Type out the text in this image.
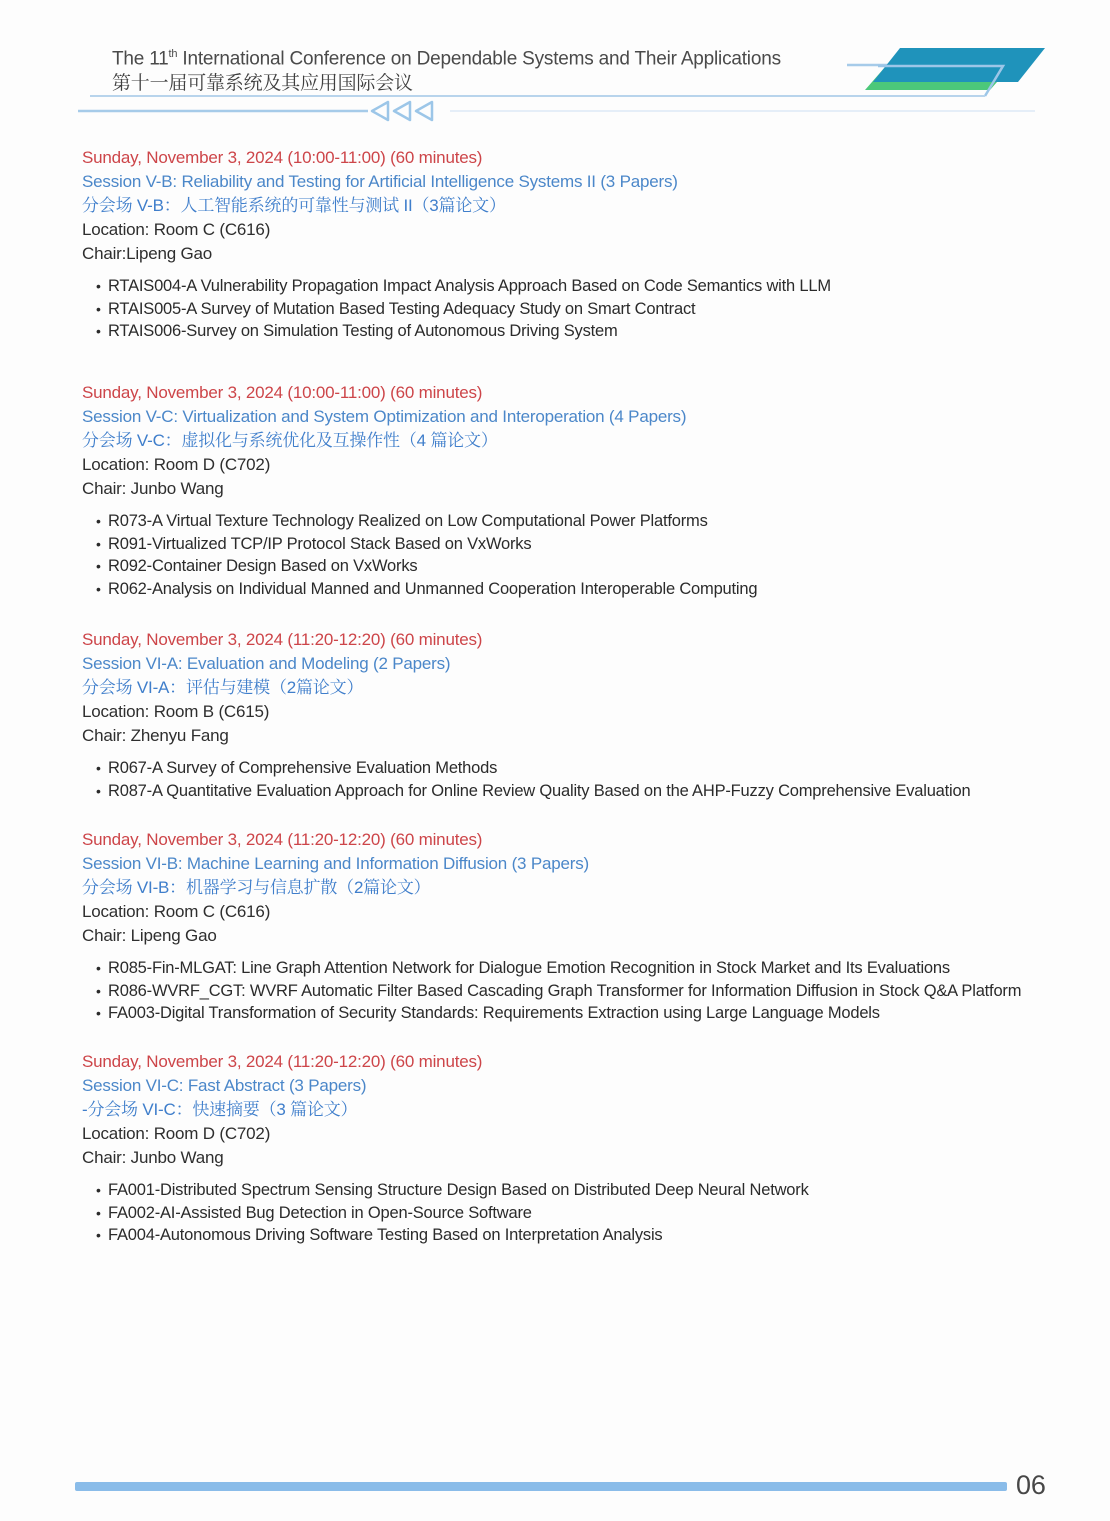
The 11th International Conference on Dependable Systems and Their Applications
第十一届可靠系统及其应用国际会议
Sunday, November 3, 2024 (10:00-11:00) (60 minutes)
Session V-B: Reliability and Testing for Artificial Intelligence Systems II (3 Papers)
分会场 V-B：人工智能系统的可靠性与测试 II（3篇论文）
Location: Room C (C616)
Chair:Lipeng Gao
• RTAIS004-A Vulnerability Propagation Impact Analysis Approach Based on Code Semantics with LLM
• RTAIS005-A Survey of Mutation Based Testing Adequacy Study on Smart Contract
• RTAIS006-Survey on Simulation Testing of Autonomous Driving System
Sunday, November 3, 2024 (10:00-11:00) (60 minutes)
Session V-C: Virtualization and System Optimization and Interoperation (4 Papers)
分会场 V-C：虚拟化与系统优化及互操作性（4 篇论文）
Location: Room D (C702)
Chair: Junbo Wang
• R073-A Virtual Texture Technology Realized on Low Computational Power Platforms
• R091-Virtualized TCP/IP Protocol Stack Based on VxWorks
• R092-Container Design Based on VxWorks
• R062-Analysis on Individual Manned and Unmanned Cooperation Interoperable Computing
Sunday, November 3, 2024 (11:20-12:20) (60 minutes)
Session VI-A: Evaluation and Modeling (2 Papers)
分会场 VI-A：评估与建模（2篇论文）
Location: Room B (C615)
Chair: Zhenyu Fang
• R067-A Survey of Comprehensive Evaluation Methods
• R087-A Quantitative Evaluation Approach for Online Review Quality Based on the AHP-Fuzzy Comprehensive Evaluation
Sunday, November 3, 2024 (11:20-12:20) (60 minutes)
Session VI-B: Machine Learning and Information Diffusion (3 Papers)
分会场 VI-B：机器学习与信息扩散（2篇论文）
Location: Room C (C616)
Chair: Lipeng Gao
• R085-Fin-MLGAT: Line Graph Attention Network for Dialogue Emotion Recognition in Stock Market and Its Evaluations
• R086-WVRF_CGT: WVRF Automatic Filter Based Cascading Graph Transformer for Information Diffusion in Stock Q&A Platform
• FA003-Digital Transformation of Security Standards: Requirements Extraction using Large Language Models
Sunday, November 3, 2024 (11:20-12:20) (60 minutes)
Session VI-C: Fast Abstract (3 Papers)
-分会场 VI-C：快速摘要（3 篇论文）
Location: Room D (C702)
Chair: Junbo Wang
• FA001-Distributed Spectrum Sensing Structure Design Based on Distributed Deep Neural Network
• FA002-AI-Assisted Bug Detection in Open-Source Software
• FA004-Autonomous Driving Software Testing Based on Interpretation Analysis
06
